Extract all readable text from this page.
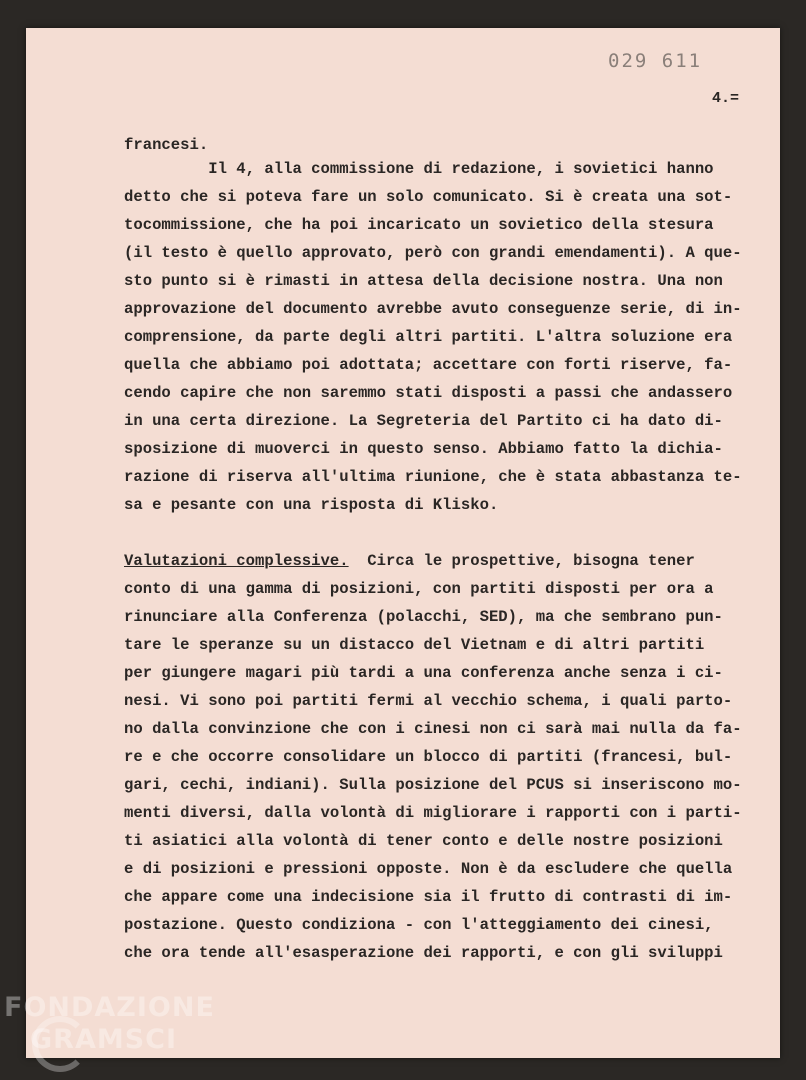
029 611
4.=
francesi.
Il 4, alla commissione di redazione, i sovietici hanno
detto che si poteva fare un solo comunicato. Si è creata una sot-
tocommissione, che ha poi incaricato un sovietico della stesura
(il testo è quello approvato, però con grandi emendamenti). A que-
sto punto si è rimasti in attesa della decisione nostra. Una non
approvazione del documento avrebbe avuto conseguenze serie, di in-
comprensione, da parte degli altri partiti. L'altra soluzione era
quella che abbiamo poi adottata; accettare con forti riserve, fa-
cendo capire che non saremmo stati disposti a passi che andassero
in una certa direzione. La Segreteria del Partito ci ha dato di-
sposizione di muoverci in questo senso. Abbiamo fatto la dichia-
razione di riserva all'ultima riunione, che è stata abbastanza te-
sa e pesante con una risposta di Klisko.
Valutazioni complessive.  Circa le prospettive, bisogna tener
conto di una gamma di posizioni, con partiti disposti per ora a
rinunciare alla Conferenza (polacchi, SED), ma che sembrano pun-
tare le speranze su un distacco del Vietnam e di altri partiti
per giungere magari più tardi a una conferenza anche senza i ci-
nesi. Vi sono poi partiti fermi al vecchio schema, i quali parto-
no dalla convinzione che con i cinesi non ci sarà mai nulla da fa-
re e che occorre consolidare un blocco di partiti (francesi, bul-
gari, cechi, indiani). Sulla posizione del PCUS si inseriscono mo-
menti diversi, dalla volontà di migliorare i rapporti con i parti-
ti asiatici alla volontà di tener conto e delle nostre posizioni
e di posizioni e pressioni opposte. Non è da escludere che quella
che appare come una indecisione sia il frutto di contrasti di im-
postazione. Questo condiziona - con l'atteggiamento dei cinesi,
che ora tende all'esasperazione dei rapporti, e con gli sviluppi
FONDAZIONE
GRAMSCI
